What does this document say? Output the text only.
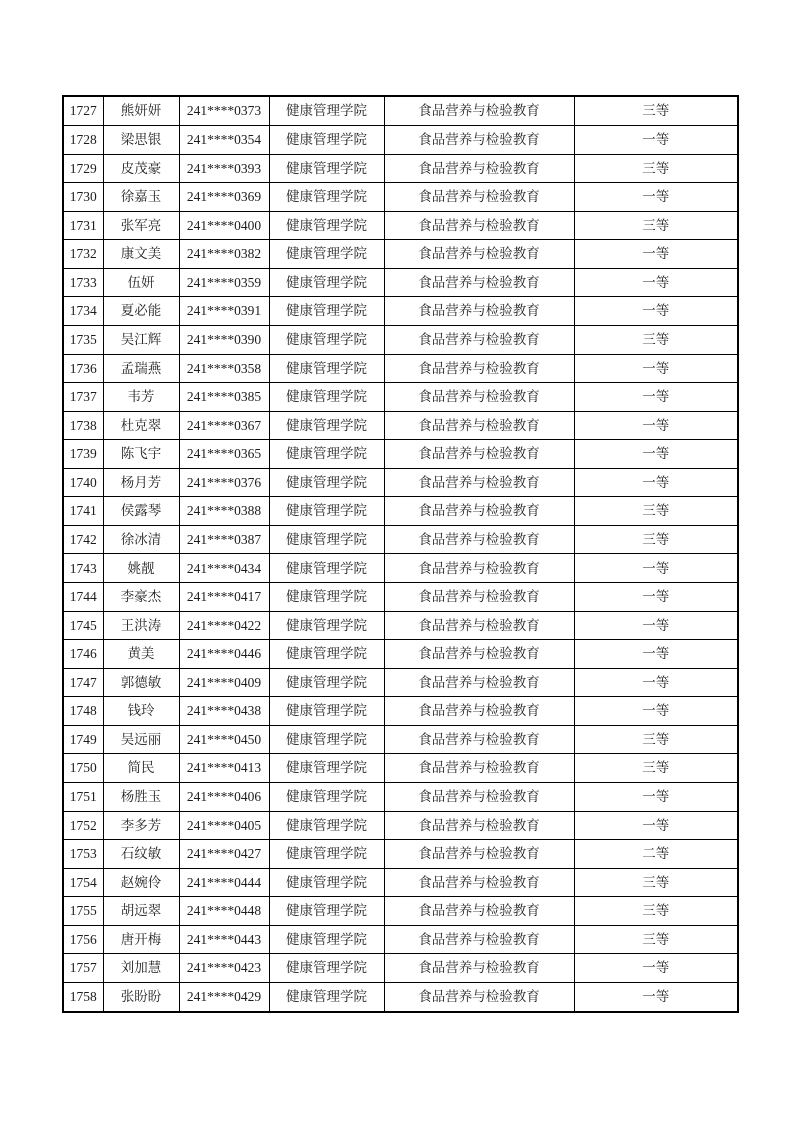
1727	熊妍妍	241****0373	健康管理学院	食品营养与检验教育	三等
1728	梁思银	241****0354	健康管理学院	食品营养与检验教育	一等
1729	皮茂豪	241****0393	健康管理学院	食品营养与检验教育	三等
1730	徐嘉玉	241****0369	健康管理学院	食品营养与检验教育	一等
1731	张军亮	241****0400	健康管理学院	食品营养与检验教育	三等
1732	康文美	241****0382	健康管理学院	食品营养与检验教育	一等
1733	伍妍	241****0359	健康管理学院	食品营养与检验教育	一等
1734	夏必能	241****0391	健康管理学院	食品营养与检验教育	一等
1735	吴江辉	241****0390	健康管理学院	食品营养与检验教育	三等
1736	孟瑞燕	241****0358	健康管理学院	食品营养与检验教育	一等
1737	韦芳	241****0385	健康管理学院	食品营养与检验教育	一等
1738	杜克翠	241****0367	健康管理学院	食品营养与检验教育	一等
1739	陈飞宇	241****0365	健康管理学院	食品营养与检验教育	一等
1740	杨月芳	241****0376	健康管理学院	食品营养与检验教育	一等
1741	侯露琴	241****0388	健康管理学院	食品营养与检验教育	三等
1742	徐冰清	241****0387	健康管理学院	食品营养与检验教育	三等
1743	姚靓	241****0434	健康管理学院	食品营养与检验教育	一等
1744	李豪杰	241****0417	健康管理学院	食品营养与检验教育	一等
1745	王洪涛	241****0422	健康管理学院	食品营养与检验教育	一等
1746	黄美	241****0446	健康管理学院	食品营养与检验教育	一等
1747	郭德敏	241****0409	健康管理学院	食品营养与检验教育	一等
1748	钱玲	241****0438	健康管理学院	食品营养与检验教育	一等
1749	吴远丽	241****0450	健康管理学院	食品营养与检验教育	三等
1750	简民	241****0413	健康管理学院	食品营养与检验教育	三等
1751	杨胜玉	241****0406	健康管理学院	食品营养与检验教育	一等
1752	李多芳	241****0405	健康管理学院	食品营养与检验教育	一等
1753	石纹敏	241****0427	健康管理学院	食品营养与检验教育	二等
1754	赵婉伶	241****0444	健康管理学院	食品营养与检验教育	三等
1755	胡远翠	241****0448	健康管理学院	食品营养与检验教育	三等
1756	唐开梅	241****0443	健康管理学院	食品营养与检验教育	三等
1757	刘加慧	241****0423	健康管理学院	食品营养与检验教育	一等
1758	张盼盼	241****0429	健康管理学院	食品营养与检验教育	一等
